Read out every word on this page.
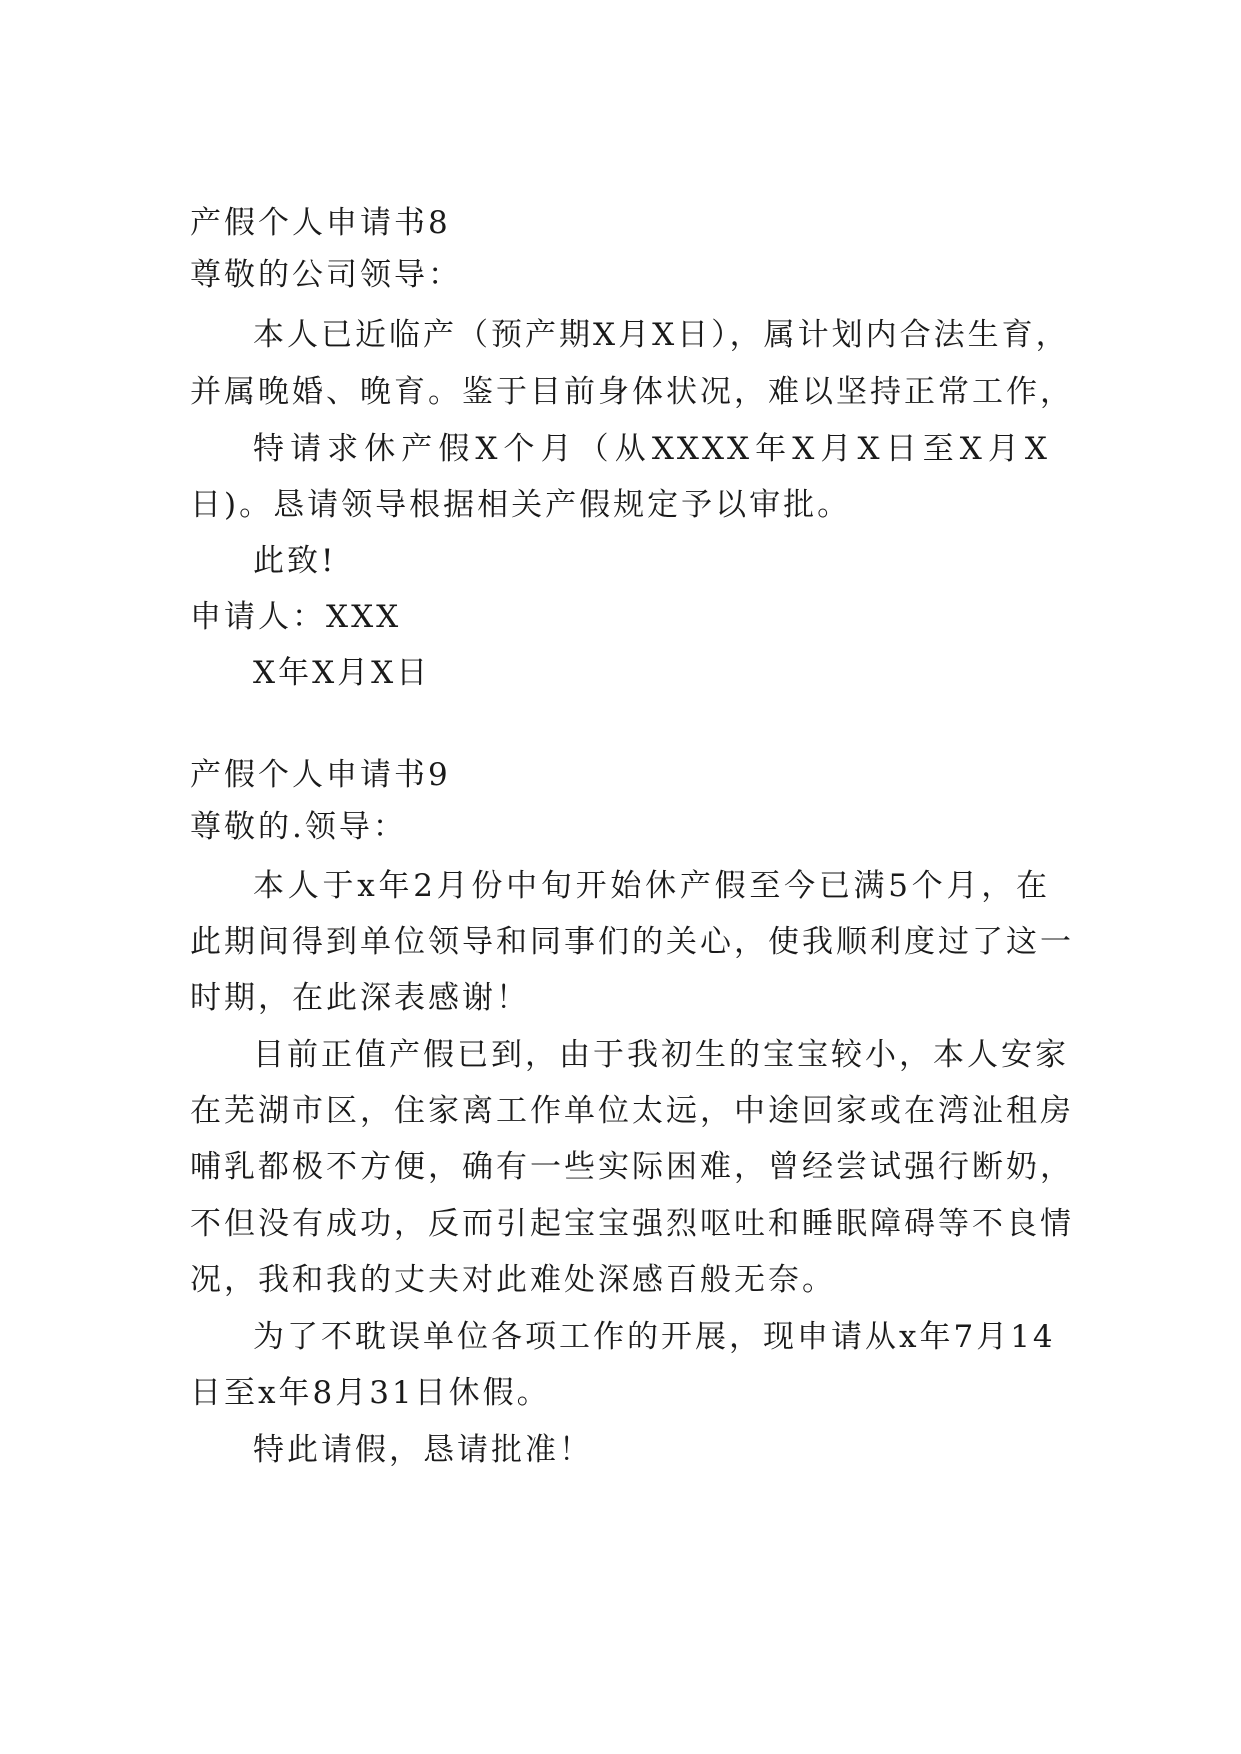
产假个人申请书8
尊敬的公司领导：
本人已近临产（预产期X月X日），属计划内合法生育，
并属晚婚、晚育。鉴于目前身体状况，难以坚持正常工作，
特请求休产假X个月（从XXXX年X月X日至X月X
日)。恳请领导根据相关产假规定予以审批。
此致!
申请人：XXX
X年X月X日
产假个人申请书9
尊敬的.领导：
本人于x年2月份中旬开始休产假至今已满5个月，在
此期间得到单位领导和同事们的关心，使我顺利度过了这一
时期，在此深表感谢！
目前正值产假已到，由于我初生的宝宝较小，本人安家
在芜湖市区，住家离工作单位太远，中途回家或在湾沚租房
哺乳都极不方便，确有一些实际困难，曾经尝试强行断奶，
不但没有成功，反而引起宝宝强烈呕吐和睡眠障碍等不良情
况，我和我的丈夫对此难处深感百般无奈。
为了不耽误单位各项工作的开展，现申请从x年7月14
日至x年8月31日休假。
特此请假，恳请批准！
